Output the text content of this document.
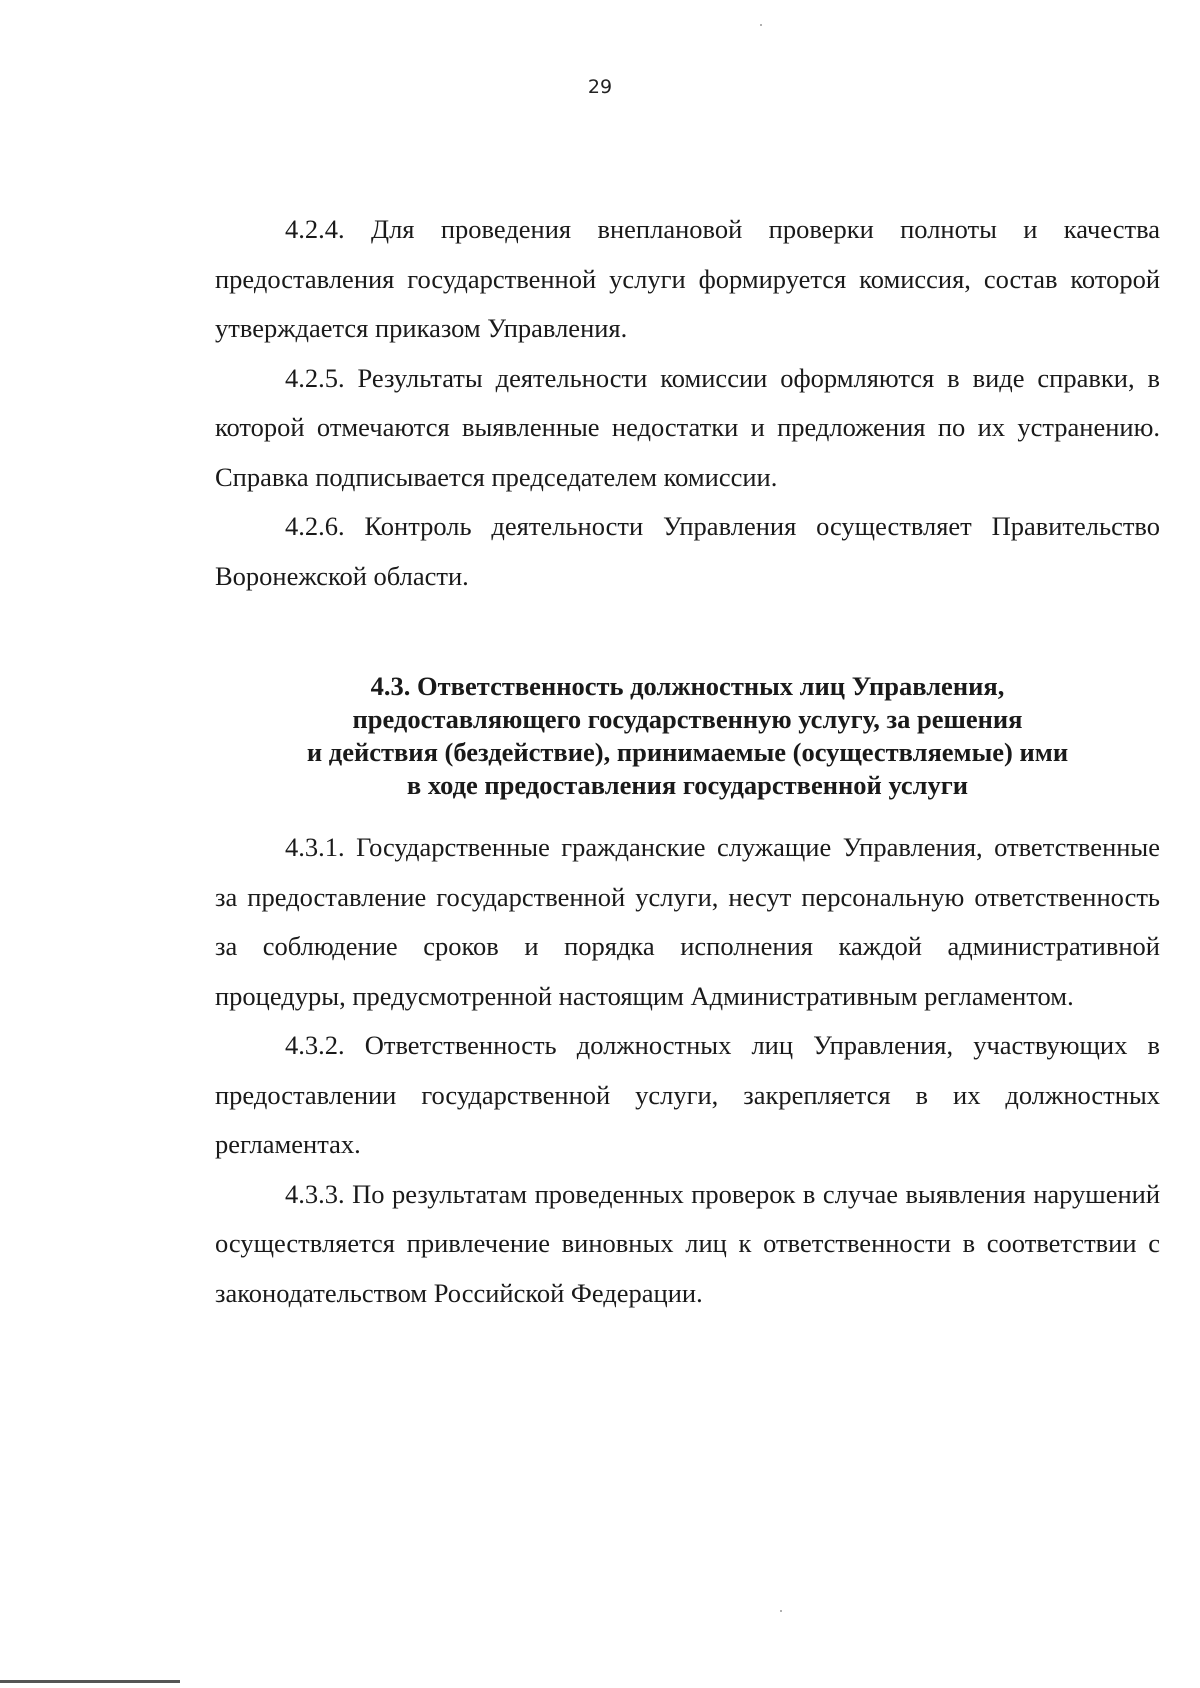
29

4.2.4. Для проведения внеплановой проверки полноты и качества предоставления государственной услуги формируется комиссия, состав которой утверждается приказом Управления.

4.2.5. Результаты деятельности комиссии оформляются в виде справки, в которой отмечаются выявленные недостатки и предложения по их устранению. Справка подписывается председателем комиссии.

4.2.6. Контроль деятельности Управления осуществляет Правительство Воронежской области.

4.3. Ответственность должностных лиц Управления,
предоставляющего государственную услугу, за решения
и действия (бездействие), принимаемые (осуществляемые) ими
в ходе предоставления государственной услуги

4.3.1. Государственные гражданские служащие Управления, ответственные за предоставление государственной услуги, несут персональную ответственность за соблюдение сроков и порядка исполнения каждой административной процедуры, предусмотренной настоящим Административным регламентом.

4.3.2. Ответственность должностных лиц Управления, участвующих в предоставлении государственной услуги, закрепляется в их должностных регламентах.

4.3.3. По результатам проведенных проверок в случае выявления нарушений осуществляется привлечение виновных лиц к ответственности в соответствии с законодательством Российской Федерации.
